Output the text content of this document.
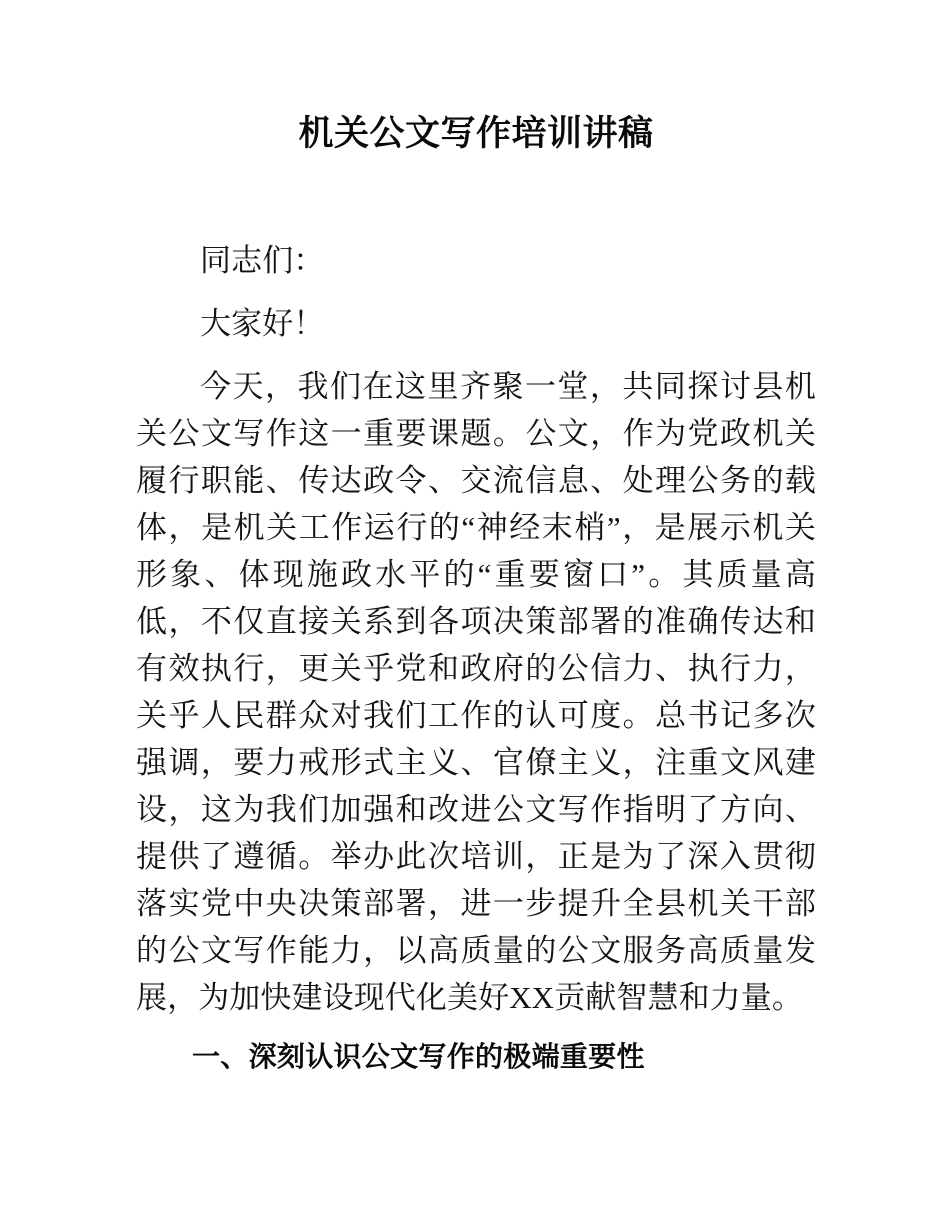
机关公文写作培训讲稿

同志们：

大家好！

今天，我们在这里齐聚一堂，共同探讨县机关公文写作这一重要课题。公文，作为党政机关履行职能、传达政令、交流信息、处理公务的载体，是机关工作运行的“神经末梢”，是展示机关形象、体现施政水平的“重要窗口”。其质量高低，不仅直接关系到各项决策部署的准确传达和有效执行，更关乎党和政府的公信力、执行力，关乎人民群众对我们工作的认可度。总书记多次强调，要力戒形式主义、官僚主义，注重文风建设，这为我们加强和改进公文写作指明了方向、提供了遵循。举办此次培训，正是为了深入贯彻落实党中央决策部署，进一步提升全县机关干部的公文写作能力，以高质量的公文服务高质量发展，为加快建设现代化美好XX贡献智慧和力量。

一、深刻认识公文写作的极端重要性
